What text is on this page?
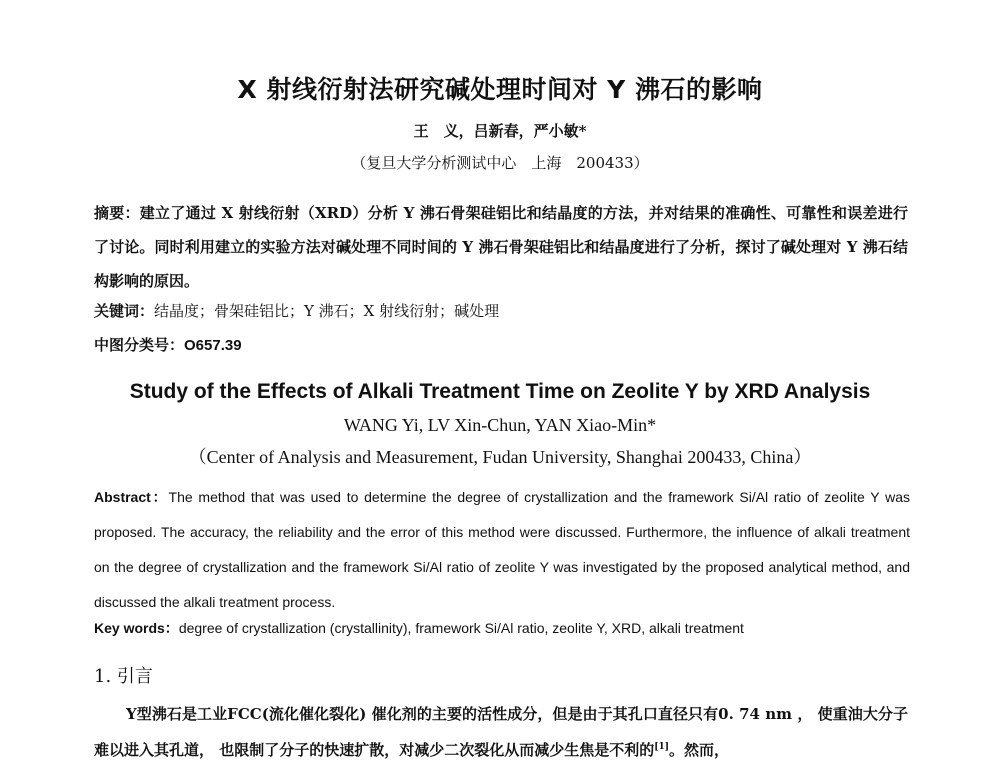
X 射线衍射法研究碱处理时间对 Y 沸石的影响
王　义，吕新春，严小敏*
（复旦大学分析测试中心　上海　200433）
摘要：建立了通过 X 射线衍射（XRD）分析 Y 沸石骨架硅铝比和结晶度的方法，并对结果的准确性、可靠性和误差进行了讨论。同时利用建立的实验方法对碱处理不同时间的 Y 沸石骨架硅铝比和结晶度进行了分析，探讨了碱处理对 Y 沸石结构影响的原因。
关键词：结晶度；骨架硅铝比；Y 沸石；X 射线衍射；碱处理
中图分类号：O657.39
Study of the Effects of Alkali Treatment Time on Zeolite Y by XRD Analysis
WANG Yi, LV Xin-Chun, YAN Xiao-Min*
（Center of Analysis and Measurement, Fudan University, Shanghai 200433, China）
Abstract：The method that was used to determine the degree of crystallization and the framework Si/Al ratio of zeolite Y was proposed. The accuracy, the reliability and the error of this method were discussed. Furthermore, the influence of alkali treatment on the degree of crystallization and the framework Si/Al ratio of zeolite Y was investigated by the proposed analytical method, and discussed the alkali treatment process.
Key words：degree of crystallization (crystallinity), framework Si/Al ratio, zeolite Y, XRD, alkali treatment
1. 引言
Y型沸石是工业FCC(流化催化裂化) 催化剂的主要的活性成分，但是由于其孔口直径只有0. 74 nm ， 使重油大分子难以进入其孔道， 也限制了分子的快速扩散，对减少二次裂化从而减少生焦是不利的[1]。然而，
